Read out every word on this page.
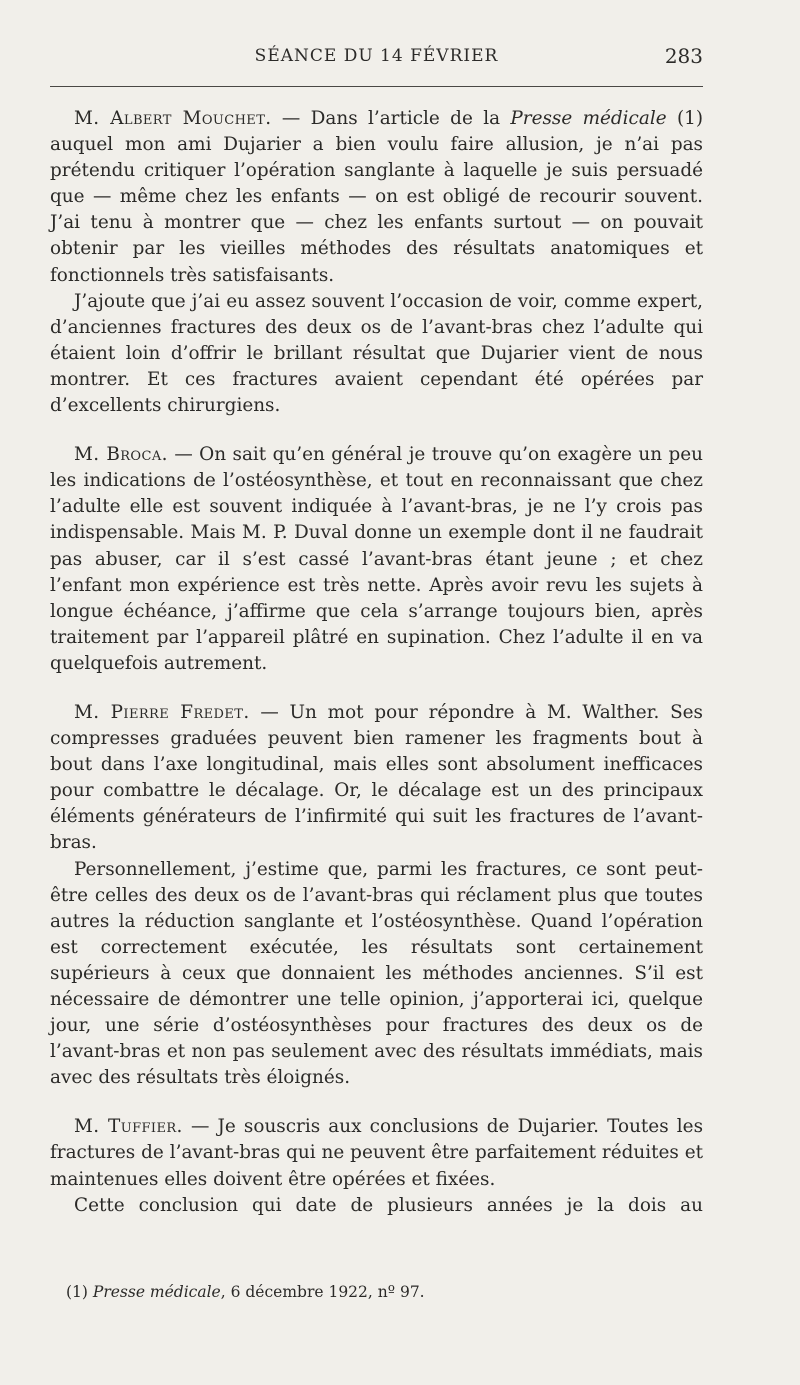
SÉANCE DU 14 FÉVRIER	283

M. Albert Mouchet. — Dans l’article de la Presse médicale (1) auquel mon ami Dujarier a bien voulu faire allusion, je n’ai pas prétendu critiquer l’opération sanglante à laquelle je suis persuadé que — même chez les enfants — on est obligé de recourir souvent. J’ai tenu à montrer que — chez les enfants surtout — on pouvait obtenir par les vieilles méthodes des résultats anatomiques et fonctionnels très satisfaisants.

J’ajoute que j’ai eu assez souvent l’occasion de voir, comme expert, d’anciennes fractures des deux os de l’avant-bras chez l’adulte qui étaient loin d’offrir le brillant résultat que Dujarier vient de nous montrer. Et ces fractures avaient cependant été opérées par d’excellents chirurgiens.

M. Broca. — On sait qu’en général je trouve qu’on exagère un peu les indications de l’ostéosynthèse, et tout en reconnaissant que chez l’adulte elle est souvent indiquée à l’avant-bras, je ne l’y crois pas indispensable. Mais M. P. Duval donne un exemple dont il ne faudrait pas abuser, car il s’est cassé l’avant-bras étant jeune ; et chez l’enfant mon expérience est très nette. Après avoir revu les sujets à longue échéance, j’affirme que cela s’arrange toujours bien, après traitement par l’appareil plâtré en supination. Chez l’adulte il en va quelquefois autrement.

M. Pierre Fredet. — Un mot pour répondre à M. Walther. Ses compresses graduées peuvent bien ramener les fragments bout à bout dans l’axe longitudinal, mais elles sont absolument inefficaces pour combattre le décalage. Or, le décalage est un des principaux éléments générateurs de l’infirmité qui suit les fractures de l’avant-bras.

Personnellement, j’estime que, parmi les fractures, ce sont peut-être celles des deux os de l’avant-bras qui réclament plus que toutes autres la réduction sanglante et l’ostéosynthèse. Quand l’opération est correctement exécutée, les résultats sont certainement supérieurs à ceux que donnaient les méthodes anciennes. S’il est nécessaire de démontrer une telle opinion, j’apporterai ici, quelque jour, une série d’ostéosynthèses pour fractures des deux os de l’avant-bras et non pas seulement avec des résultats immédiats, mais avec des résultats très éloignés.

M. Tuffier. — Je souscris aux conclusions de Dujarier. Toutes les fractures de l’avant-bras qui ne peuvent être parfaitement réduites et maintenues elles doivent être opérées et fixées.

Cette conclusion qui date de plusieurs années je la dois au

(1) Presse médicale, 6 décembre 1922, nº 97.
